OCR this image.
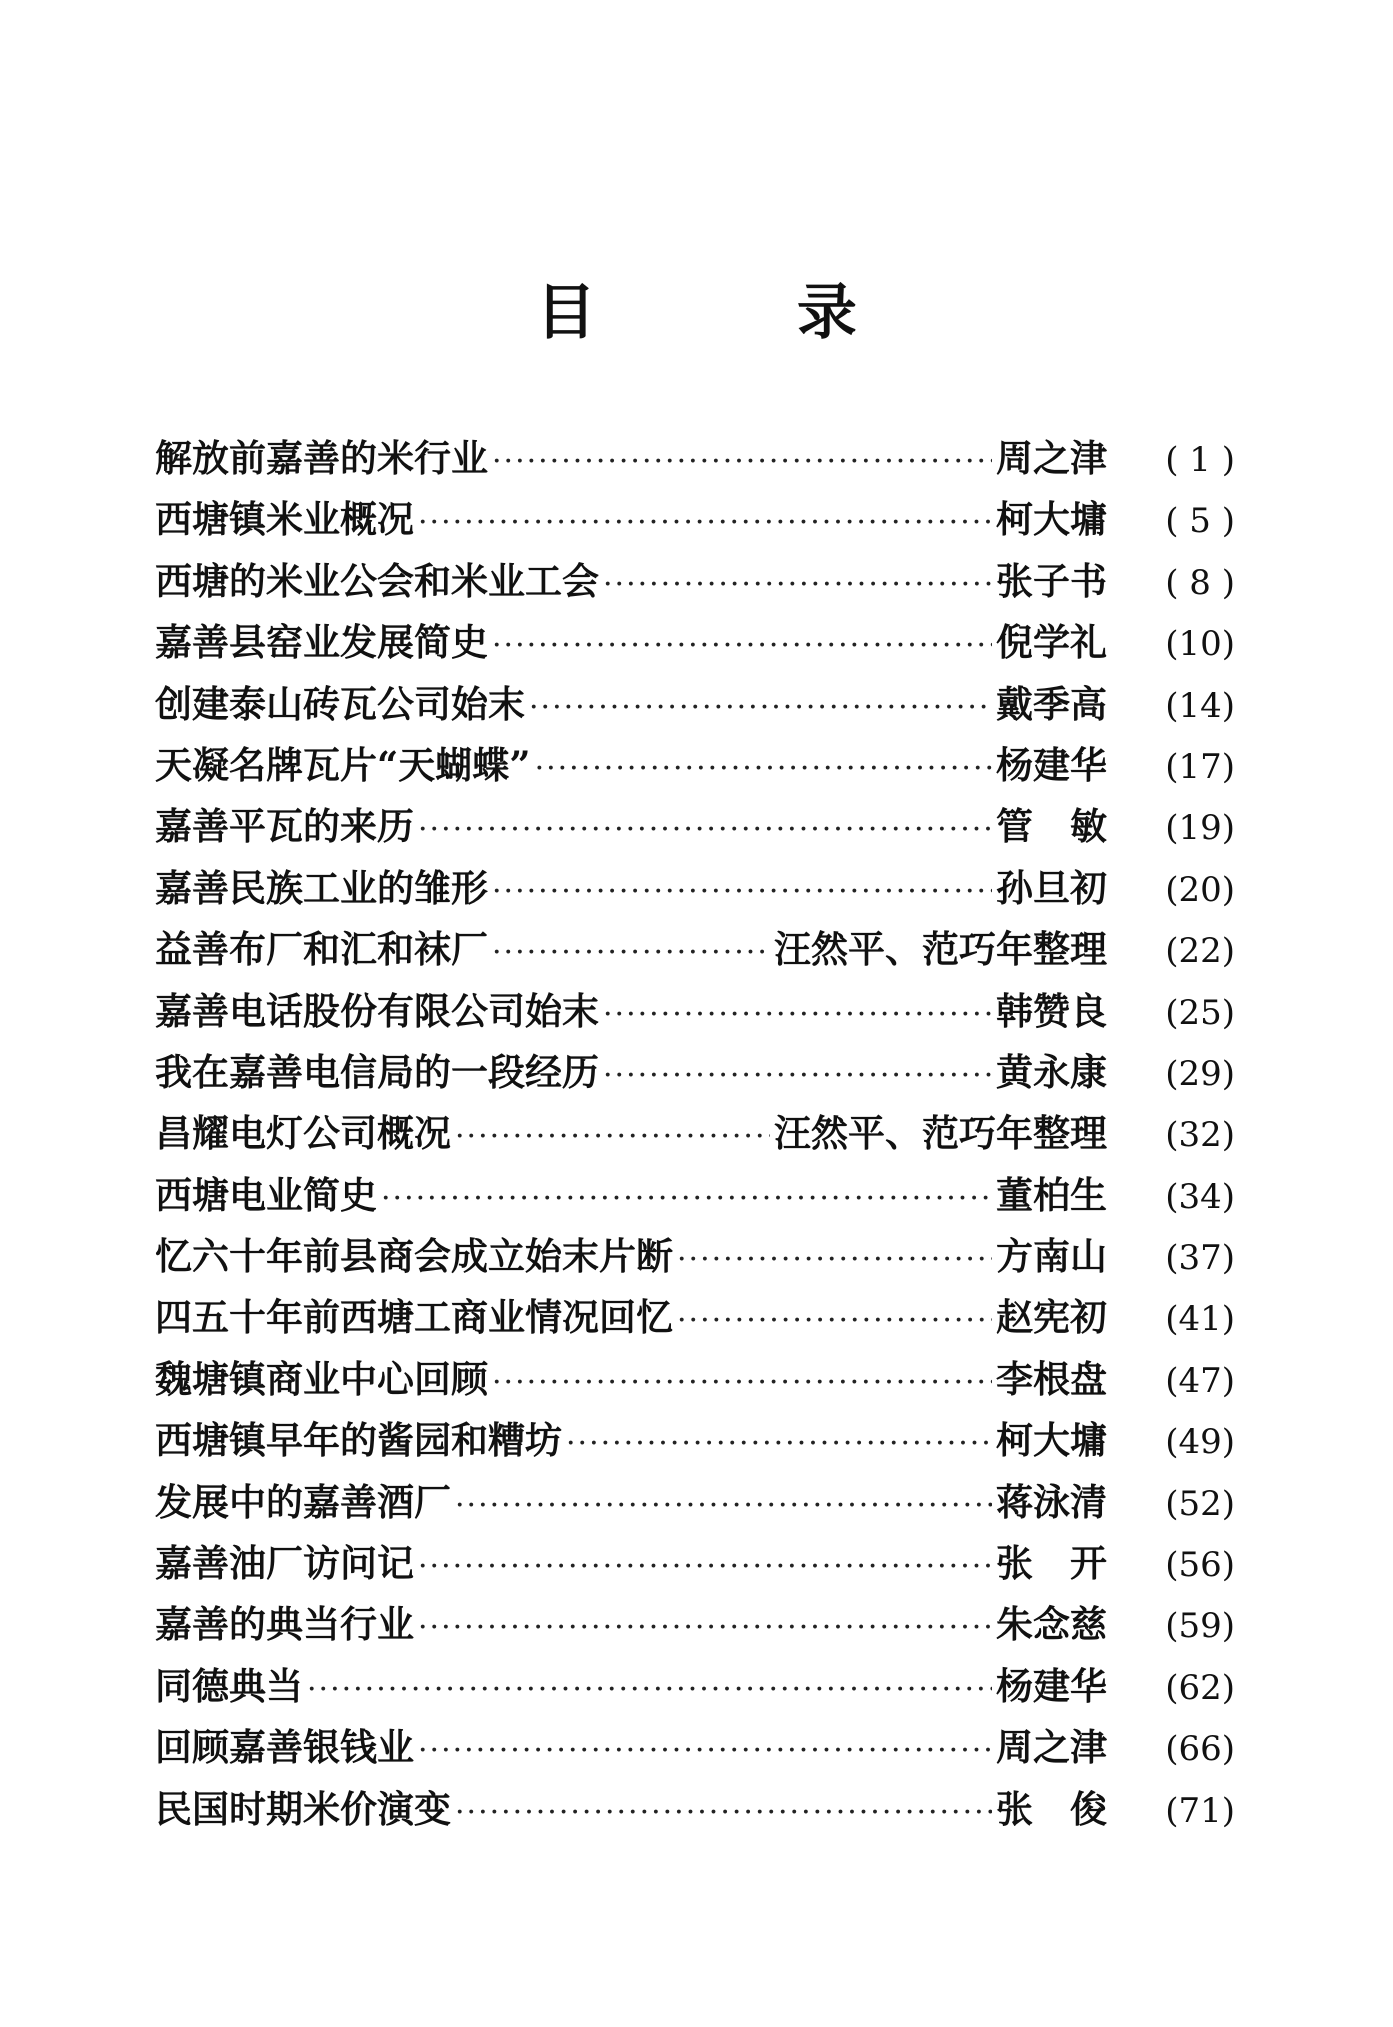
目 录
解放前嘉善的米行业 ·····	周之津	( 1 )
西塘镇米业概况 ·····	柯大墉	( 5 )
西塘的米业公会和米业工会 ·····	张子书	( 8 )
嘉善县窑业发展简史 ·····	倪学礼	(10)
创建泰山砖瓦公司始末 ·····	戴季高	(14)
天凝名牌瓦片“天蝴蝶” ·····	杨建华	(17)
嘉善平瓦的来历 ·····	管　敏	(19)
嘉善民族工业的雏形 ·····	孙旦初	(20)
益善布厂和汇和袜厂 ·····	汪然平、范巧年整理	(22)
嘉善电话股份有限公司始末 ·····	韩赞良	(25)
我在嘉善电信局的一段经历 ·····	黄永康	(29)
昌耀电灯公司概况 ·····	汪然平、范巧年整理	(32)
西塘电业简史 ·····	董柏生	(34)
忆六十年前县商会成立始末片断 ·····	方南山	(37)
四五十年前西塘工商业情况回忆 ·····	赵宪初	(41)
魏塘镇商业中心回顾 ·····	李根盘	(47)
西塘镇早年的酱园和糟坊 ·····	柯大墉	(49)
发展中的嘉善酒厂 ·····	蒋泳清	(52)
嘉善油厂访问记 ·····	张　开	(56)
嘉善的典当行业 ·····	朱念慈	(59)
同德典当 ·····	杨建华	(62)
回顾嘉善银钱业 ·····	周之津	(66)
民国时期米价演变 ·····	张　俊	(71)
